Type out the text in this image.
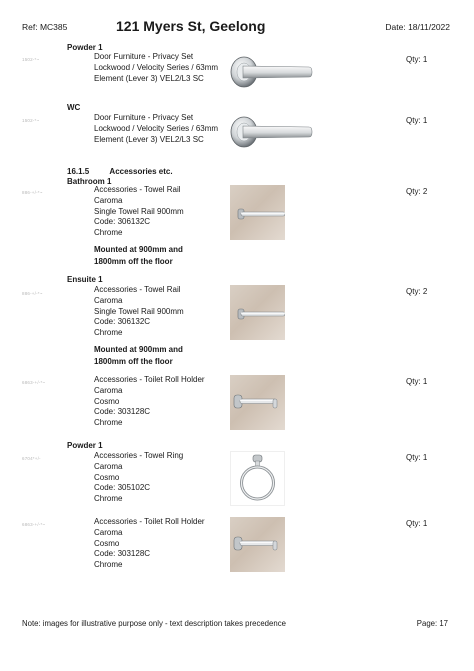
Ref: MC385	121 Myers St, Geelong	Date: 18/11/2022
Powder 1
1502-*~	Door Furniture - Privacy Set
Lockwood / Velocity Series / 63mm
Element (Lever 3) VEL2/L3 SC
Qty: 1
WC
1502-*~	Door Furniture - Privacy Set
Lockwood / Velocity Series / 63mm
Element (Lever 3) VEL2/L3 SC
Qty: 1
16.1.5	Accessories etc.
Bathroom 1
886-+/-*~	Accessories - Towel Rail
Caroma
Single Towel Rail 900mm
Code: 306132C
Chrome
Mounted at 900mm and
1800mm off the floor
Qty: 2
Ensuite 1
886-+/-*~	Accessories - Towel Rail
Caroma
Single Towel Rail 900mm
Code: 306132C
Chrome
Mounted at 900mm and
1800mm off the floor
Qty: 2
6863-+/-*~	Accessories - Toilet Roll Holder
Caroma
Cosmo
Code: 303128C
Chrome
Qty: 1
Powder 1
6704*+/-	Accessories - Towel Ring
Caroma
Cosmo
Code: 305102C
Chrome
Qty: 1
6863-+/-*~	Accessories - Toilet Roll Holder
Caroma
Cosmo
Code: 303128C
Chrome
Qty: 1
Note: images for illustrative purpose only - text description takes precedence	Page: 17
